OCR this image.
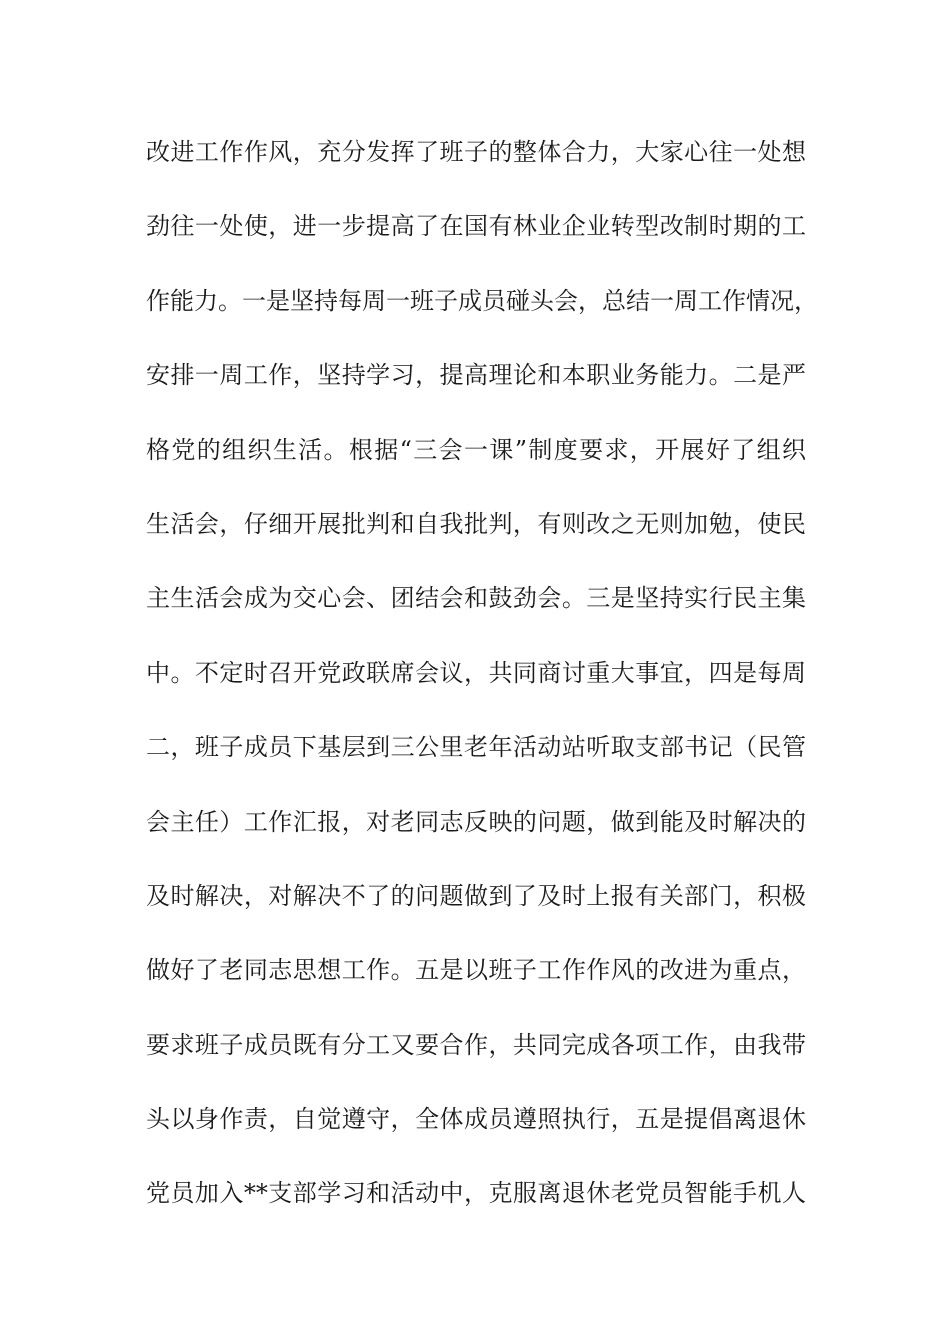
改进工作作风，充分发挥了班子的整体合力，大家心往一处想
劲往一处使，进一步提高了在国有林业企业转型改制时期的工
作能力。一是坚持每周一班子成员碰头会，总结一周工作情况，
安排一周工作，坚持学习，提高理论和本职业务能力。二是严
格党的组织生活。根据“三会一课”制度要求，开展好了组织
生活会，仔细开展批判和自我批判，有则改之无则加勉，使民
主生活会成为交心会、团结会和鼓劲会。三是坚持实行民主集
中。不定时召开党政联席会议，共同商讨重大事宜，四是每周
二，班子成员下基层到三公里老年活动站听取支部书记（民管
会主任）工作汇报，对老同志反映的问题，做到能及时解决的
及时解决，对解决不了的问题做到了及时上报有关部门，积极
做好了老同志思想工作。五是以班子工作作风的改进为重点，
要求班子成员既有分工又要合作，共同完成各项工作，由我带
头以身作责，自觉遵守，全体成员遵照执行，五是提倡离退休
党员加入**支部学习和活动中，克服离退休老党员智能手机人
